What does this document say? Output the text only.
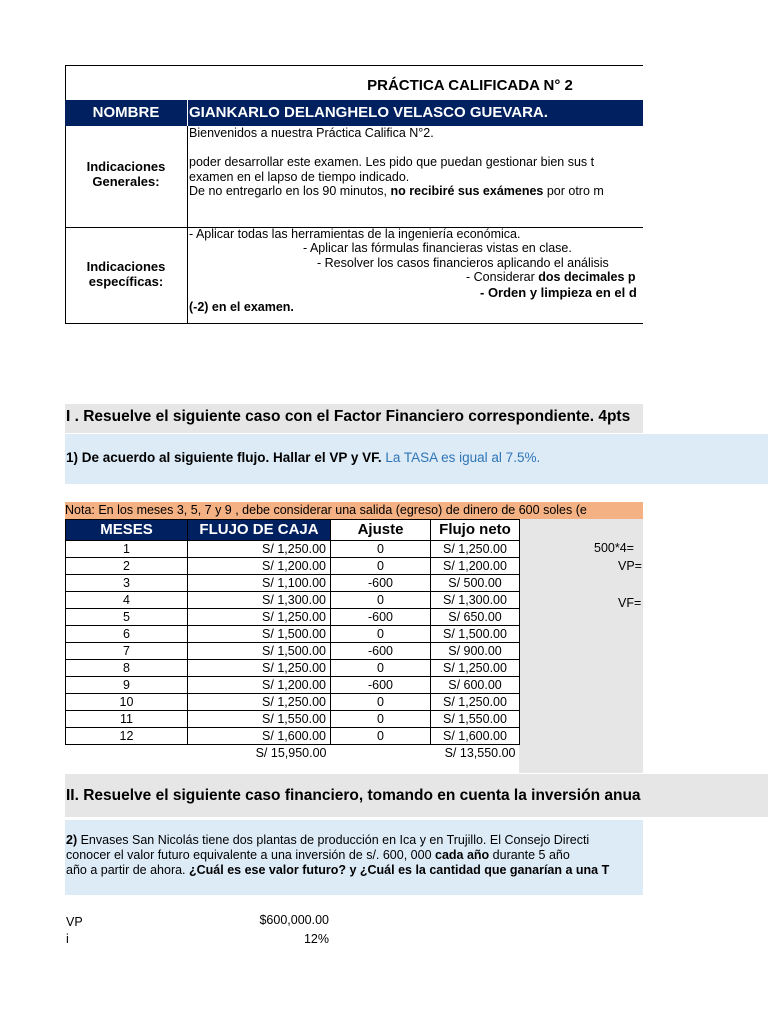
PRÁCTICA CALIFICADA N° 2
NOMBRE	GIANKARLO DELANGHELO VELASCO GUEVARA.
Indicaciones Generales:
Bienvenidos a nuestra Práctica Califica N°2.
poder desarrollar este examen. Les pido que puedan gestionar bien sus t
examen en el lapso de tiempo indicado.
De no entregarlo en los 90 minutos, no recibiré sus exámenes por otro m
Indicaciones específicas:
- Aplicar todas las herramientas de la ingeniería económica.
- Aplicar las fórmulas financieras vistas en clase.
- Resolver los casos financieros aplicando el análisis
- Considerar dos decimales p
- Orden y limpieza en el d
(-2) en el examen.
I . Resuelve el siguiente caso con el Factor Financiero correspondiente. 4pts
1) De acuerdo al siguiente flujo. Hallar el VP y VF. La TASA es igual al 7.5%.
Nota: En los meses 3, 5, 7 y 9 , debe considerar una salida (egreso) de dinero de 600 soles (e
MESES	FLUJO DE CAJA	Ajuste	Flujo neto
1	S/ 1,250.00	0	S/ 1,250.00
2	S/ 1,200.00	0	S/ 1,200.00
3	S/ 1,100.00	-600	S/ 500.00
4	S/ 1,300.00	0	S/ 1,300.00
5	S/ 1,250.00	-600	S/ 650.00
6	S/ 1,500.00	0	S/ 1,500.00
7	S/ 1,500.00	-600	S/ 900.00
8	S/ 1,250.00	0	S/ 1,250.00
9	S/ 1,200.00	-600	S/ 600.00
10	S/ 1,250.00	0	S/ 1,250.00
11	S/ 1,550.00	0	S/ 1,550.00
12	S/ 1,600.00	0	S/ 1,600.00
	S/ 15,950.00		S/ 13,550.00
500*4=
VP=
VF=
II. Resuelve el siguiente caso financiero, tomando en cuenta la inversión anua
2) Envases San Nicolás tiene dos plantas de producción en Ica y en Trujillo. El Consejo Directi
conocer el valor futuro equivalente a una inversión de s/. 600, 000 cada año durante 5 año
año a partir de ahora. ¿Cuál es ese valor futuro? y ¿Cuál es la cantidad que ganarían a una T
VP	$600,000.00
i	12%
